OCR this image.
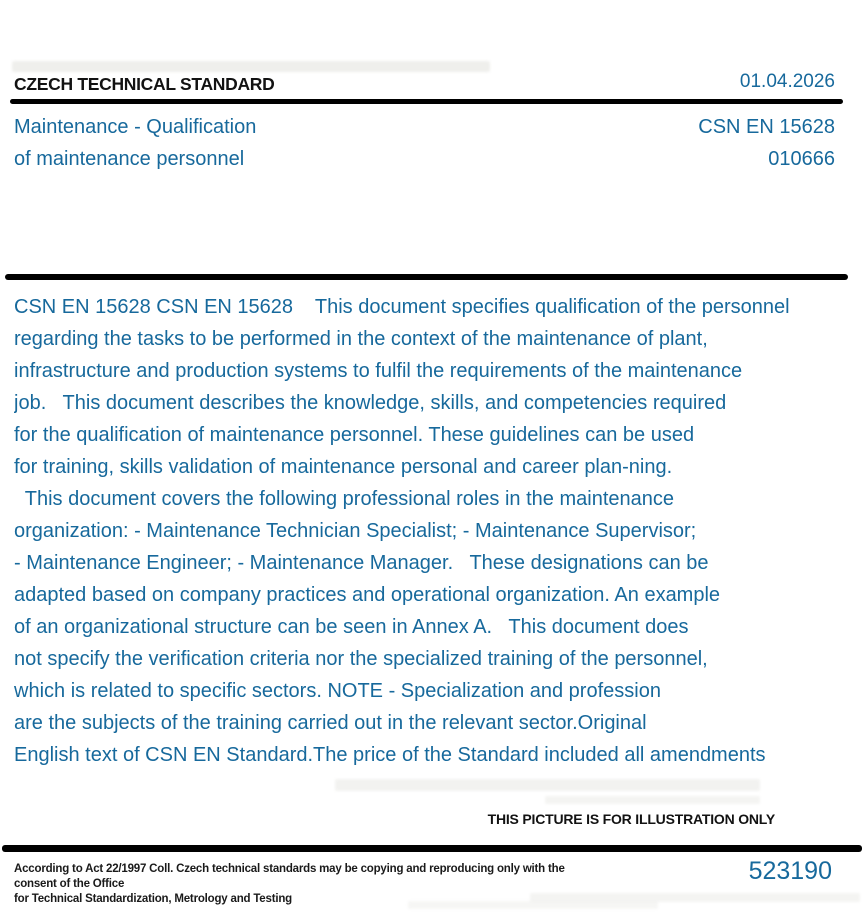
CZECH TECHNICAL STANDARD	01.04.2026
Maintenance - Qualification
of maintenance personnel
CSN EN 15628
010666
CSN EN 15628 CSN EN 15628    This document specifies qualification of the personnel
regarding the tasks to be performed in the context of the maintenance of plant,
infrastructure and production systems to fulfil the requirements of the maintenance
job.   This document describes the knowledge, skills, and competencies required
for the qualification of maintenance personnel. These guidelines can be used
for training, skills validation of maintenance personal and career plan-ning.
This document covers the following professional roles in the maintenance
organization: - Maintenance Technician Specialist; - Maintenance Supervisor;
- Maintenance Engineer; - Maintenance Manager.   These designations can be
adapted based on company practices and operational organization. An example
of an organizational structure can be seen in Annex A.   This document does
not specify the verification criteria nor the specialized training of the personnel,
which is related to specific sectors. NOTE - Specialization and profession
are the subjects of the training carried out in the relevant sector.Original
English text of CSN EN Standard.The price of the Standard included all amendments
THIS PICTURE IS FOR ILLUSTRATION ONLY
According to Act 22/1997 Coll. Czech technical standards may be copying and reproducing only with the consent of the Office
for Technical Standardization, Metrology and Testing
523190
